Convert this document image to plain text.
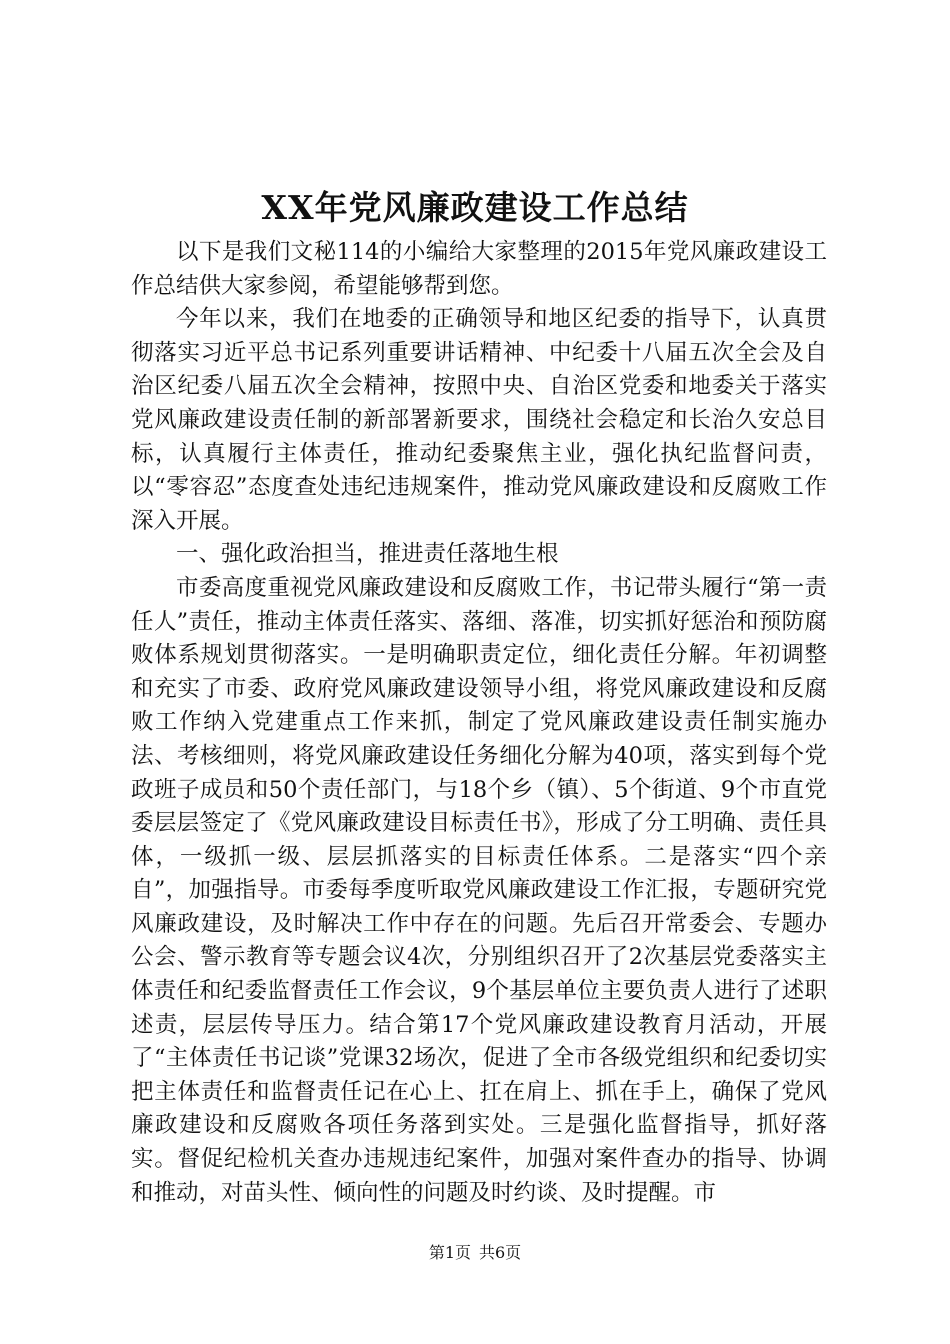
XX年党风廉政建设工作总结

以下是我们文秘114的小编给大家整理的2015年党风廉政建设工作总结供大家参阅，希望能够帮到您。

今年以来，我们在地委的正确领导和地区纪委的指导下，认真贯彻落实习近平总书记系列重要讲话精神、中纪委十八届五次全会及自治区纪委八届五次全会精神，按照中央、自治区党委和地委关于落实党风廉政建设责任制的新部署新要求，围绕社会稳定和长治久安总目标，认真履行主体责任，推动纪委聚焦主业，强化执纪监督问责，以“零容忍”态度查处违纪违规案件，推动党风廉政建设和反腐败工作深入开展。

一、强化政治担当，推进责任落地生根

市委高度重视党风廉政建设和反腐败工作，书记带头履行“第一责任人”责任，推动主体责任落实、落细、落准，切实抓好惩治和预防腐败体系规划贯彻落实。一是明确职责定位，细化责任分解。年初调整和充实了市委、政府党风廉政建设领导小组，将党风廉政建设和反腐败工作纳入党建重点工作来抓，制定了党风廉政建设责任制实施办法、考核细则，将党风廉政建设任务细化分解为40项，落实到每个党政班子成员和50个责任部门，与18个乡（镇）、5个街道、9个市直党委层层签定了《党风廉政建设目标责任书》，形成了分工明确、责任具体，一级抓一级、层层抓落实的目标责任体系。二是落实“四个亲自”，加强指导。市委每季度听取党风廉政建设工作汇报，专题研究党风廉政建设，及时解决工作中存在的问题。先后召开常委会、专题办公会、警示教育等专题会议4次，分别组织召开了2次基层党委落实主体责任和纪委监督责任工作会议，9个基层单位主要负责人进行了述职述责，层层传导压力。结合第17个党风廉政建设教育月活动，开展了“主体责任书记谈”党课32场次，促进了全市各级党组织和纪委切实把主体责任和监督责任记在心上、扛在肩上、抓在手上，确保了党风廉政建设和反腐败各项任务落到实处。三是强化监督指导，抓好落实。督促纪检机关查办违规违纪案件，加强对案件查办的指导、协调和推动，对苗头性、倾向性的问题及时约谈、及时提醒。市

第1页 共6页
